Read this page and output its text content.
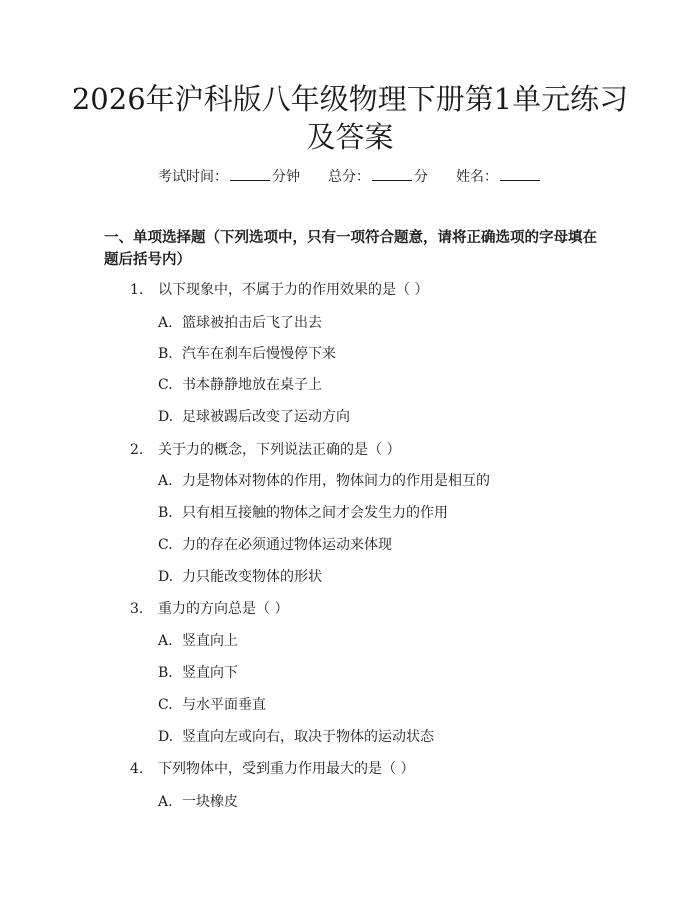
2026年沪科版八年级物理下册第1单元练习及答案
考试时间：	分钟 总分：	分 姓名：
一、单项选择题（下列选项中，只有一项符合题意，请将正确选项的字母填在题后括号内）
1. 以下现象中，不属于力的作用效果的是（ ）
A. 篮球被拍击后飞了出去
B. 汽车在刹车后慢慢停下来
C. 书本静静地放在桌子上
D. 足球被踢后改变了运动方向
2. 关于力的概念，下列说法正确的是（ ）
A. 力是物体对物体的作用，物体间力的作用是相互的
B. 只有相互接触的物体之间才会发生力的作用
C. 力的存在必须通过物体运动来体现
D. 力只能改变物体的形状
3. 重力的方向总是（ ）
A. 竖直向上
B. 竖直向下
C. 与水平面垂直
D. 竖直向左或向右，取决于物体的运动状态
4. 下列物体中，受到重力作用最大的是（ ）
A. 一块橡皮
